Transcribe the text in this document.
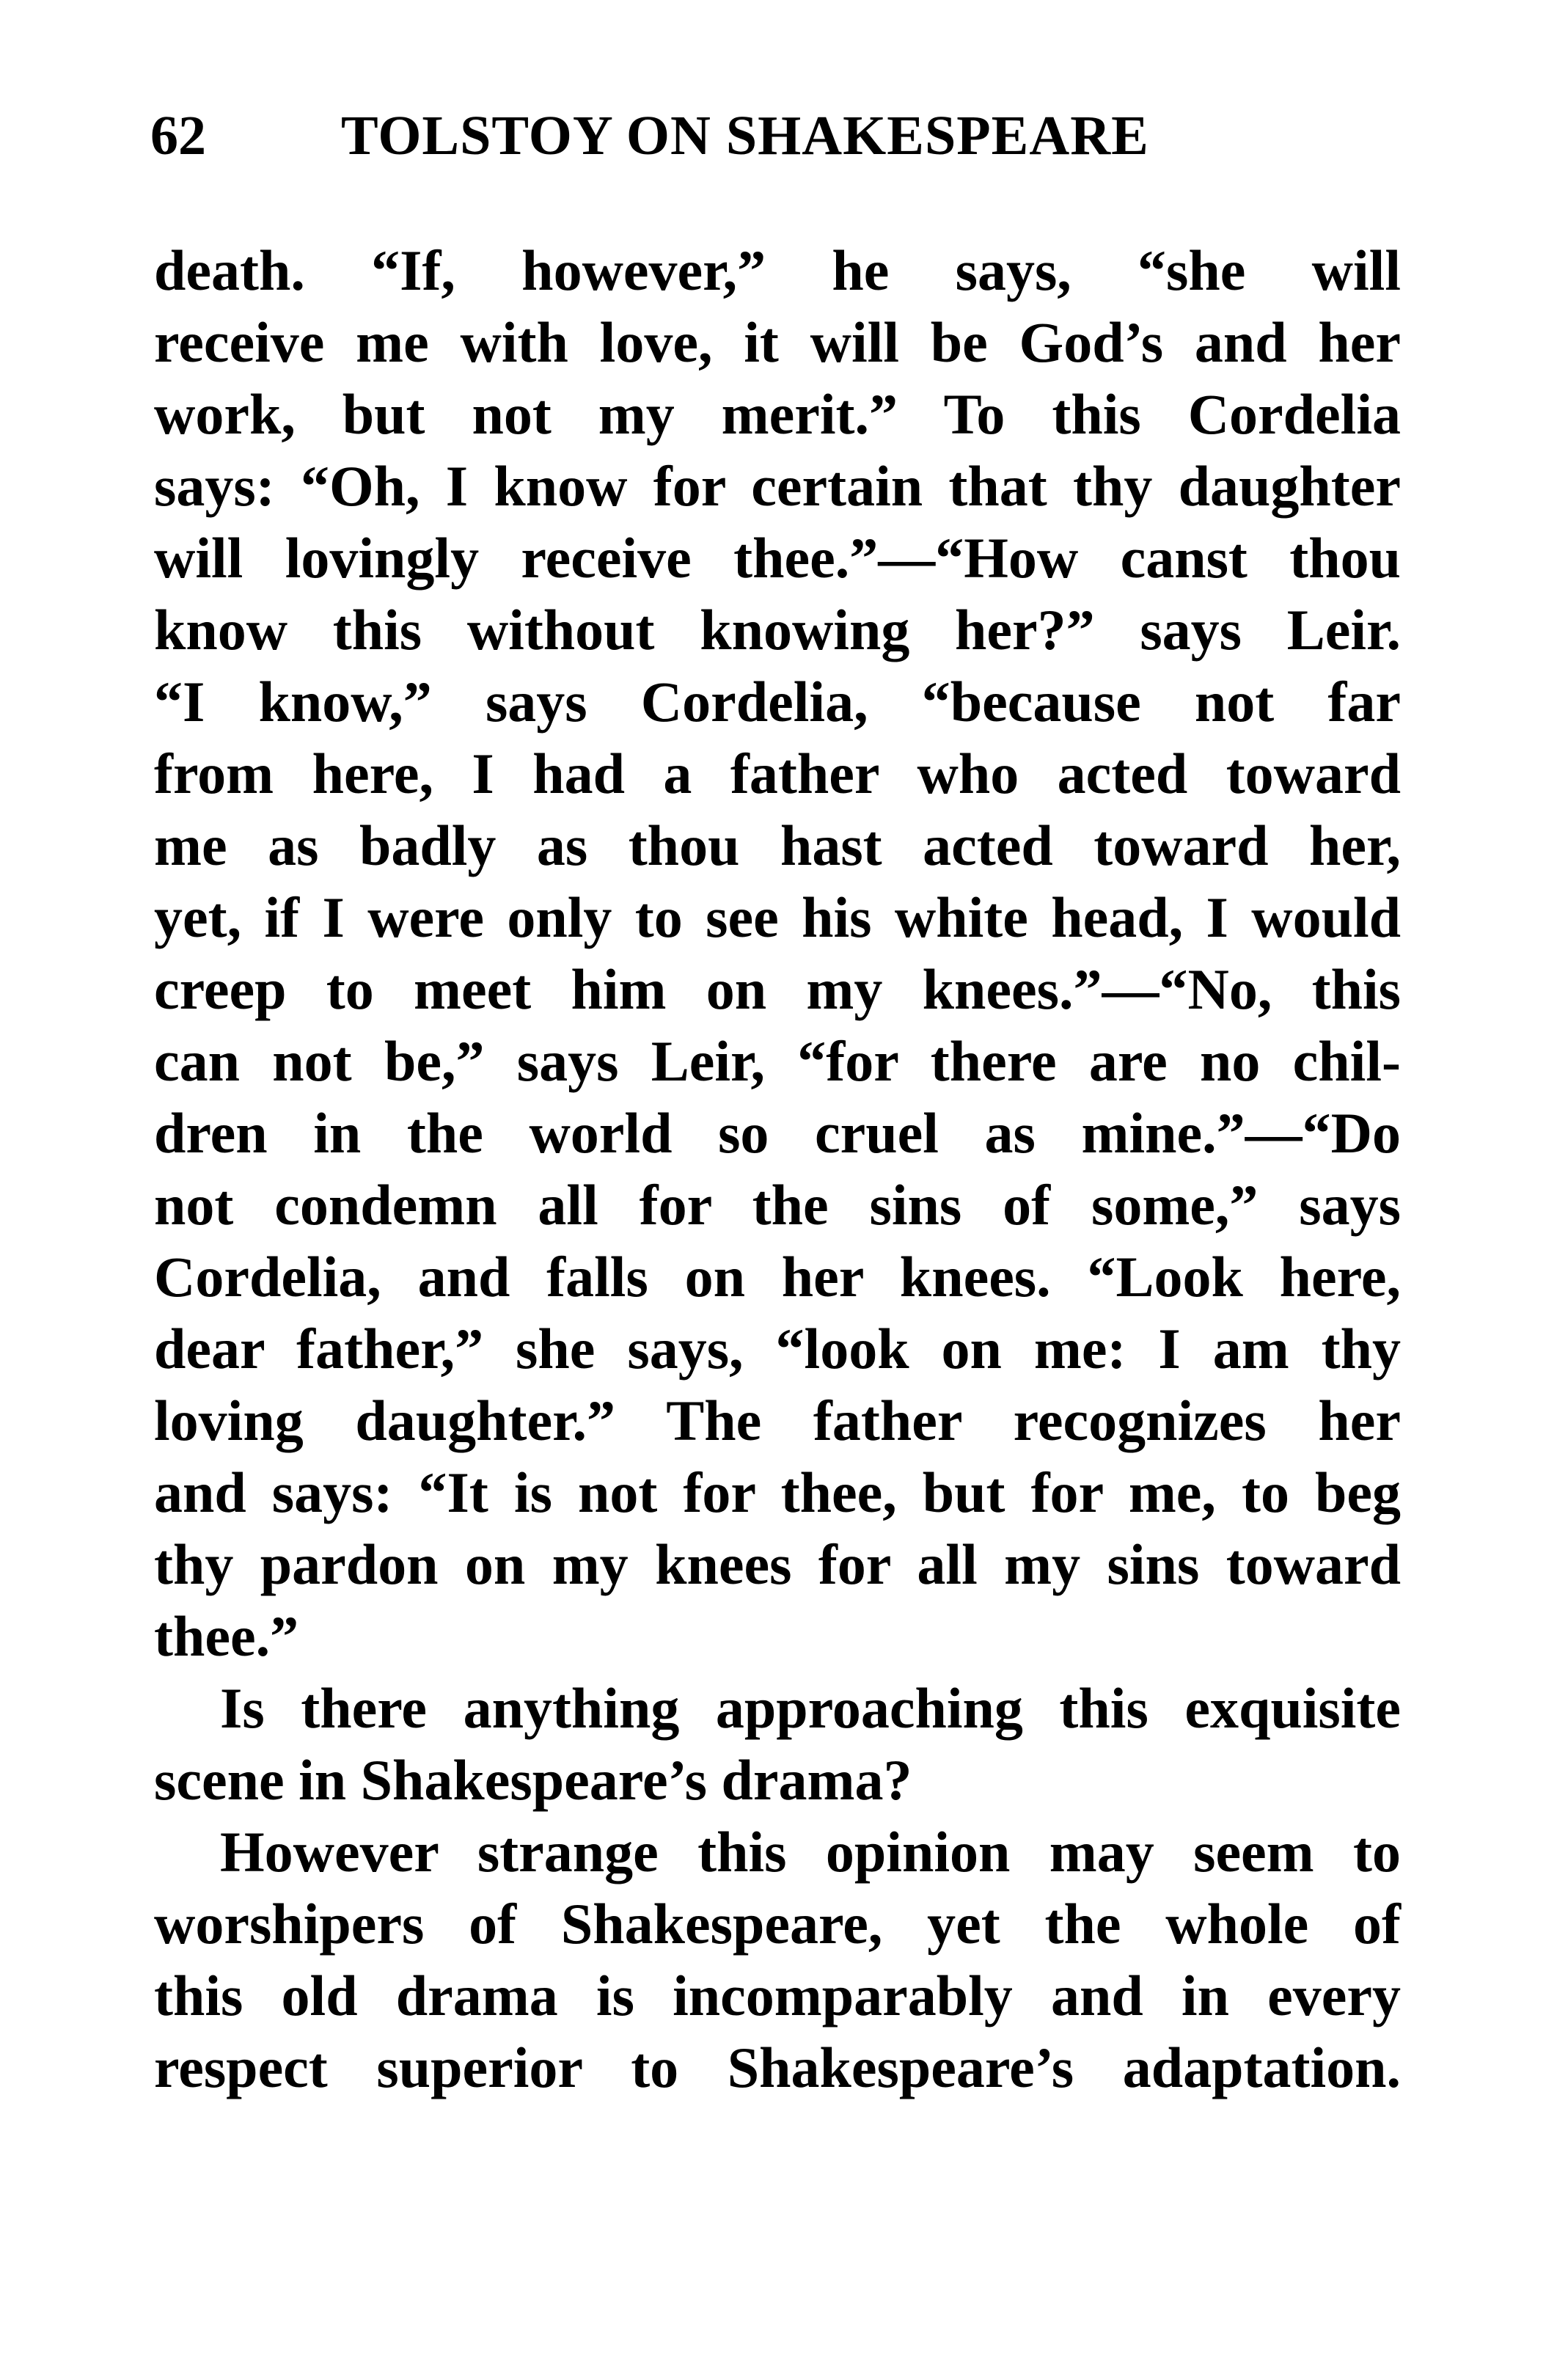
62 TOLSTOY ON SHAKESPEARE
death. “If, however,” he says, “she will
receive me with love, it will be God’s and her
work, but not my merit.” To this Cordelia
says: “Oh, I know for certain that thy daughter
will lovingly receive thee.”—“How canst thou
know this without knowing her?” says Leir.
“I know,” says Cordelia, “because not far
from here, I had a father who acted toward
me as badly as thou hast acted toward her,
yet, if I were only to see his white head, I would
creep to meet him on my knees.”—“No, this
can not be,” says Leir, “for there are no chil-
dren in the world so cruel as mine.”—“Do
not condemn all for the sins of some,” says
Cordelia, and falls on her knees. “Look here,
dear father,” she says, “look on me: I am thy
loving daughter.” The father recognizes her
and says: “It is not for thee, but for me, to beg
thy pardon on my knees for all my sins toward
thee.”
Is there anything approaching this exquisite
scene in Shakespeare’s drama?
However strange this opinion may seem to
worshipers of Shakespeare, yet the whole of
this old drama is incomparably and in every
respect superior to Shakespeare’s adaptation.
